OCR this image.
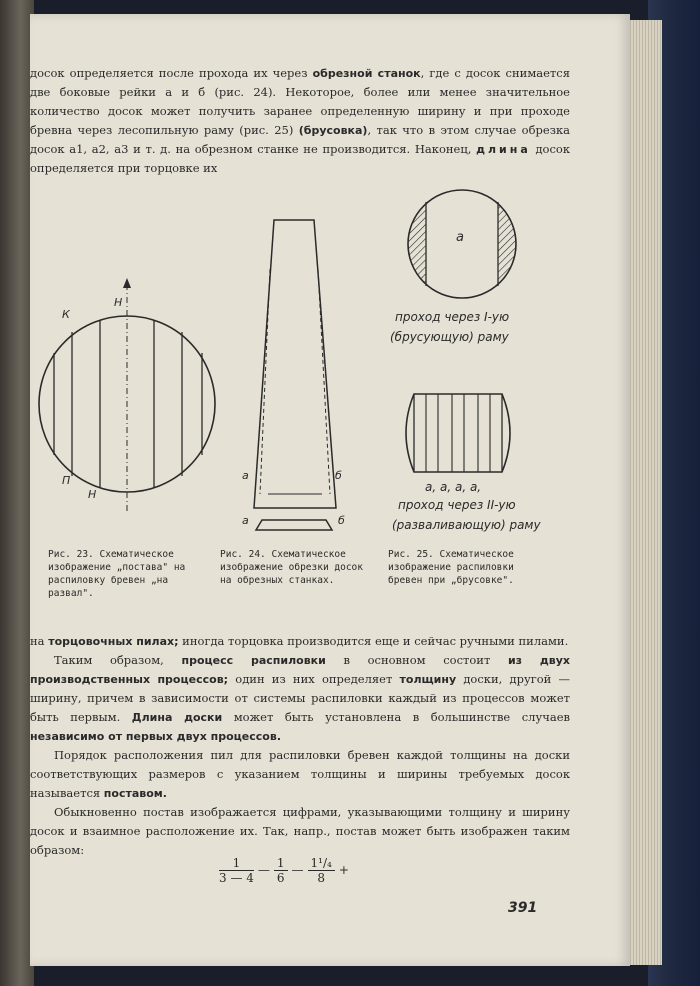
досок определяется после прохода их через обрезной станок, где с досок снимается две боковые рейки а и б (рис. 24). Некоторое, более или менее значительное количество досок может получить заранее определенную ширину и при проходе бревна через лесопильную раму (рис. 25) (брусовка), так что в этом случае обрезка досок а1, а2, а3 и т. д. на обрезном станке не производится. Наконец, длина досок определяется при торцовке их

К
Н
П
Н
а	б
а	б
а
проход через I-ую
(брусующую) раму
а, а, а, а,
проход через II-ую
(разваливающую) раму
Рис. 23. Схематическое изображение „постава" на распиловку бревен „на развал".
Рис. 24. Схематическое изображение обрезки досок на обрезных станках.
Рис. 25. Схематическое изображение распиловки бревен при „брусовке".

на торцовочных пилах; иногда торцовка производится еще и сейчас ручными пилами.

Таким образом, процесс распиловки в основном состоит из двух производственных процессов; один из них определяет толщину доски, другой — ширину, причем в зависимости от системы распиловки каждый из процессов может быть первым. Длина доски может быть установлена в большинстве случаев независимо от первых двух процессов.

Порядок расположения пил для распиловки бревен каждой толщины на доски соответствующих размеров с указанием толщины и ширины требуемых досок называется поставом.

Обыкновенно постав изображается цифрами, указывающими толщину и ширину досок и взаимное расположение их. Так, напр., постав может быть изображен таким образом:

$\frac{1}{3 — 4}$ — $\frac{1}{6}$ — $\frac{\text{1¹/₄}}{8}$ +
391
